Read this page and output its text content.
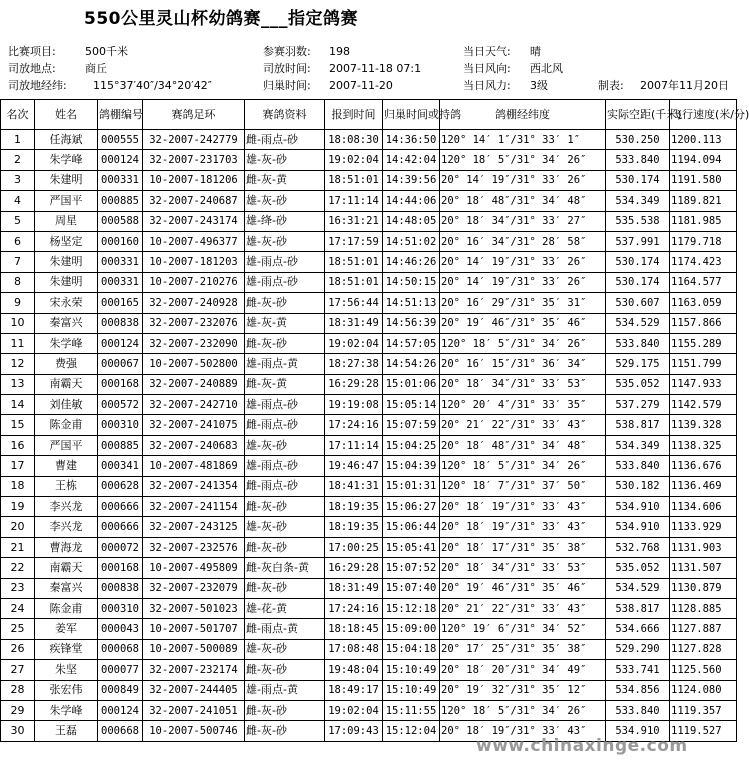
550公里灵山杯幼鸽赛___指定鸽赛
比赛项目:	500千米
司放地点:	商丘
司放地经纬: 115°37′40″/34°20′42″
参赛羽数: 198
司放时间: 2007-11-18 07:1
归巢时间: 2007-11-20
当日天气: 晴
当日风向: 西北风
当日风力: 3级	制表: 2007年11月20日
名次	姓名	鸽棚编号	赛鸽足环	赛鸽资料	报到时间	归巢时间或持鸽	鸽棚经纬度	实际空距(千米)	飞行速度(米/分)
1	任海斌	000555	32-2007-242779	雌-雨点-砂	18:08:30	14:36:50	120° 14′ 1″/31° 33′ 1″	530.250	1200.113
2	朱学峰	000124	32-2007-231703	雄-灰-砂	19:02:04	14:42:04	120° 18′ 5″/31° 34′ 26″	533.840	1194.094
3	朱建明	000331	10-2007-181206	雌-灰-黄	18:51:01	14:39:56	20° 14′ 19″/31° 33′ 26″	530.174	1191.580
4	严国平	000885	32-2007-240687	雄-灰-砂	17:11:14	14:44:06	20° 18′ 48″/31° 34′ 48″	534.349	1189.821
5	周星	000588	32-2007-243174	雄-绛-砂	16:31:21	14:48:05	20° 18′ 34″/31° 33′ 27″	535.538	1181.985
6	杨坚定	000160	10-2007-496377	雄-灰-砂	17:17:59	14:51:02	20° 16′ 34″/31° 28′ 58″	537.991	1179.718
7	朱建明	000331	10-2007-181203	雄-雨点-砂	18:51:01	14:46:26	20° 14′ 19″/31° 33′ 26″	530.174	1174.423
8	朱建明	000331	10-2007-210276	雄-雨点-砂	18:51:01	14:50:15	20° 14′ 19″/31° 33′ 26″	530.174	1164.577
9	宋永荣	000165	32-2007-240928	雌-灰-砂	17:56:44	14:51:13	20° 16′ 29″/31° 35′ 31″	530.607	1163.059
10	秦富兴	000838	32-2007-232076	雄-灰-黄	18:31:49	14:56:39	20° 19′ 46″/31° 35′ 46″	534.529	1157.866
11	朱学峰	000124	32-2007-232090	雌-灰-砂	19:02:04	14:57:05	120° 18′ 5″/31° 34′ 26″	533.840	1155.289
12	费强	000067	10-2007-502800	雄-雨点-黄	18:27:38	14:54:26	20° 16′ 15″/31° 36′ 34″	529.175	1151.799
13	南霸天	000168	32-2007-240889	雌-灰-黄	16:29:28	15:01:06	20° 18′ 34″/31° 33′ 53″	535.052	1147.933
14	刘佳敏	000572	32-2007-242710	雄-雨点-砂	19:19:08	15:05:14	120° 20′ 4″/31° 33′ 35″	537.279	1142.579
15	陈金甫	000310	32-2007-241075	雌-雨点-砂	17:24:16	15:07:59	20° 21′ 22″/31° 33′ 43″	538.817	1139.328
16	严国平	000885	32-2007-240683	雄-灰-砂	17:11:14	15:04:25	20° 18′ 48″/31° 34′ 48″	534.349	1138.325
17	曹建	000341	10-2007-481869	雄-雨点-砂	19:46:47	15:04:39	120° 18′ 5″/31° 34′ 26″	533.840	1136.676
18	王栋	000628	32-2007-241354	雌-雨点-砂	18:41:31	15:01:31	120° 18′ 7″/31° 37′ 50″	530.182	1136.469
19	李兴龙	000666	32-2007-241154	雌-灰-砂	18:19:35	15:06:27	20° 18′ 19″/31° 33′ 43″	534.910	1134.606
20	李兴龙	000666	32-2007-243125	雄-灰-砂	18:19:35	15:06:44	20° 18′ 19″/31° 33′ 43″	534.910	1133.929
21	曹海龙	000072	32-2007-232576	雌-灰-砂	17:00:25	15:05:41	20° 18′ 17″/31° 35′ 38″	532.768	1131.903
22	南霸天	000168	10-2007-495809	雌-灰白条-黄	16:29:28	15:07:52	20° 18′ 34″/31° 33′ 53″	535.052	1131.507
23	秦富兴	000838	32-2007-232079	雌-灰-砂	18:31:49	15:07:40	20° 19′ 46″/31° 35′ 46″	534.529	1130.879
24	陈金甫	000310	32-2007-501023	雄-花-黄	17:24:16	15:12:18	20° 21′ 22″/31° 33′ 43″	538.817	1128.885
25	姜军	000043	10-2007-501707	雌-雨点-黄	18:18:45	15:09:00	120° 19′ 6″/31° 34′ 52″	534.666	1127.887
26	疾锋堂	000068	10-2007-500089	雄-灰-砂	17:08:48	15:04:18	20° 17′ 25″/31° 35′ 38″	529.290	1127.828
27	朱坚	000077	32-2007-232174	雌-灰-砂	19:48:04	15:10:49	20° 18′ 20″/31° 34′ 49″	533.741	1125.560
28	张宏伟	000849	32-2007-244405	雄-雨点-黄	18:49:17	15:10:49	20° 19′ 32″/31° 35′ 12″	534.856	1124.080
29	朱学峰	000124	32-2007-241051	雌-灰-砂	19:02:04	15:11:55	120° 18′ 5″/31° 34′ 26″	533.840	1119.357
30	王磊	000668	10-2007-500746	雌-灰-砂	17:09:43	15:12:04	20° 18′ 19″/31° 33′ 43″	534.910	1119.527
www.chinaxinge.com
